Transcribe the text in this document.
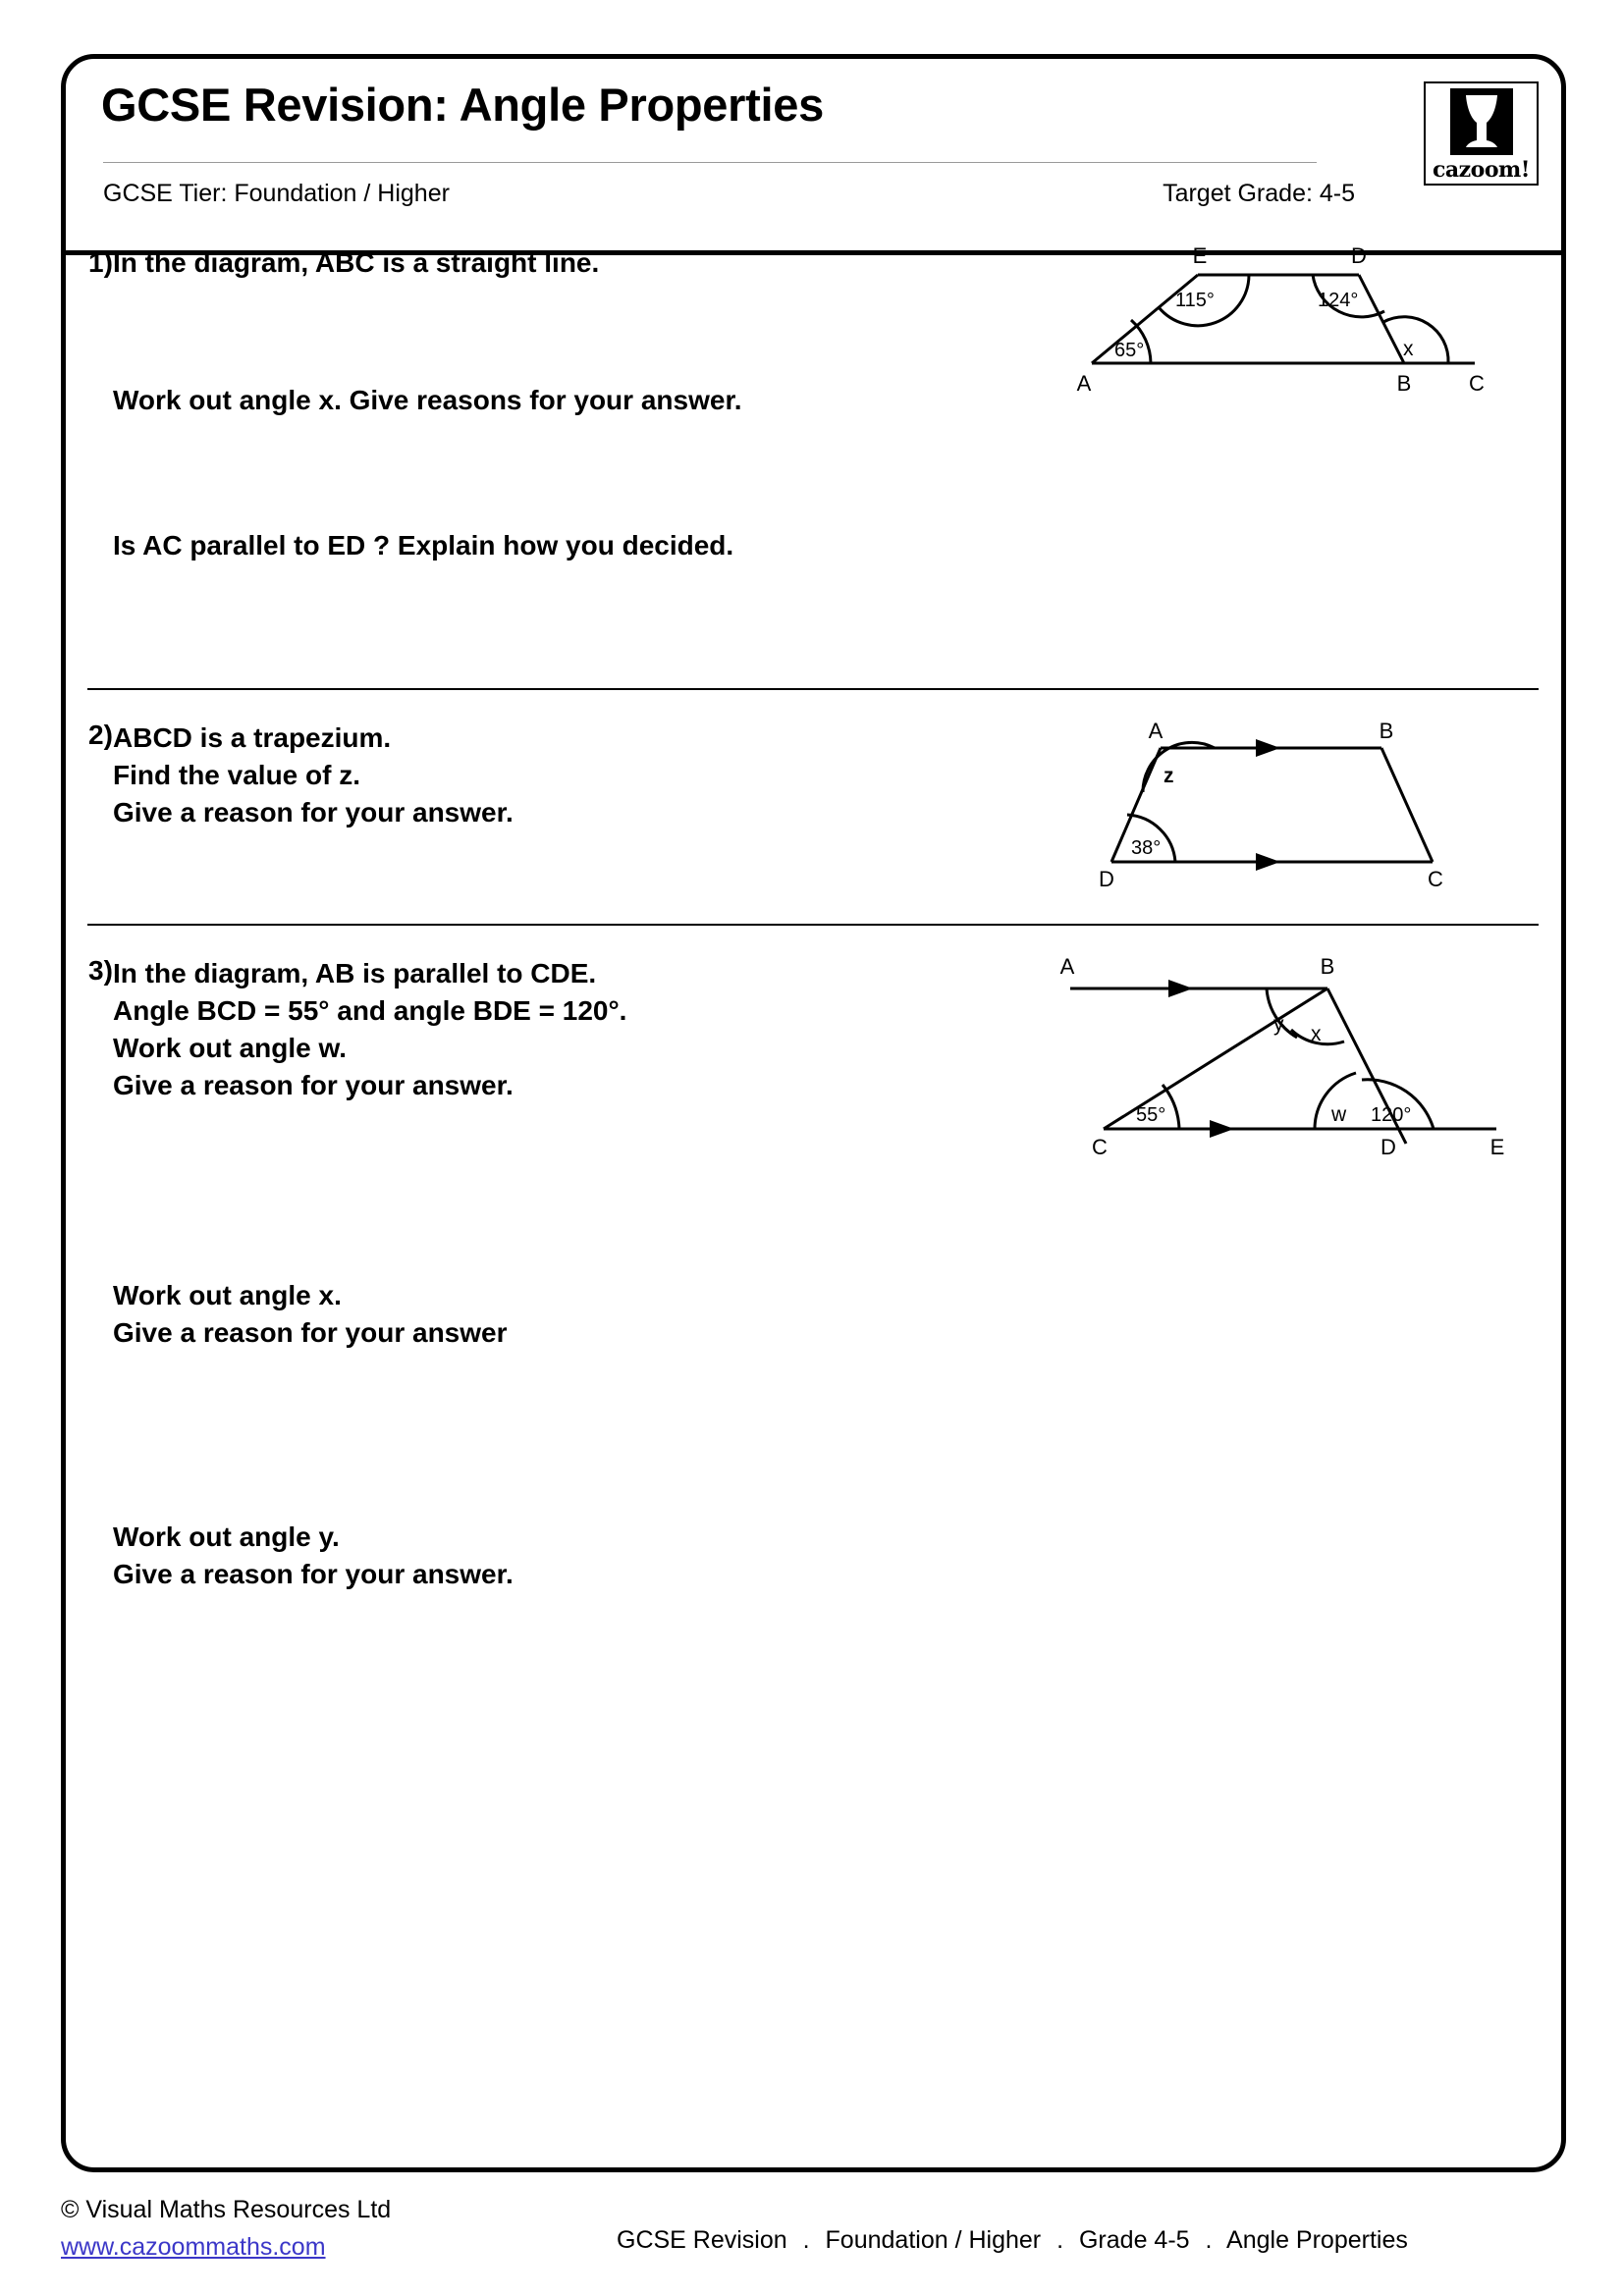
GCSE Revision: Angle Properties
GCSE Tier: Foundation / Higher	Target Grade: 4-5
cazoom!
1) In the diagram, ABC is a straight line.
Work out angle x. Give reasons for your answer.
Is AC parallel to ED ? Explain how you decided.
65°
115°	124°
x
A	B	C
D
E
2) ABCD is a trapezium.
Find the value of z.
Give a reason for your answer.
z
38°
A	B
C
D
3) In the diagram, AB is parallel to CDE.
Angle BCD = 55° and angle BDE = 120°.
Work out angle w.
Give a reason for your answer.
Work out angle x.
Give a reason for your answer
Work out angle y.
Give a reason for your answer.
y x
55°	w 120°
A	B
C	D	E
© Visual Maths Resources Ltd
www.cazoommaths.com	GCSE Revision . Foundation / Higher . Grade 4-5 . Angle Properties
